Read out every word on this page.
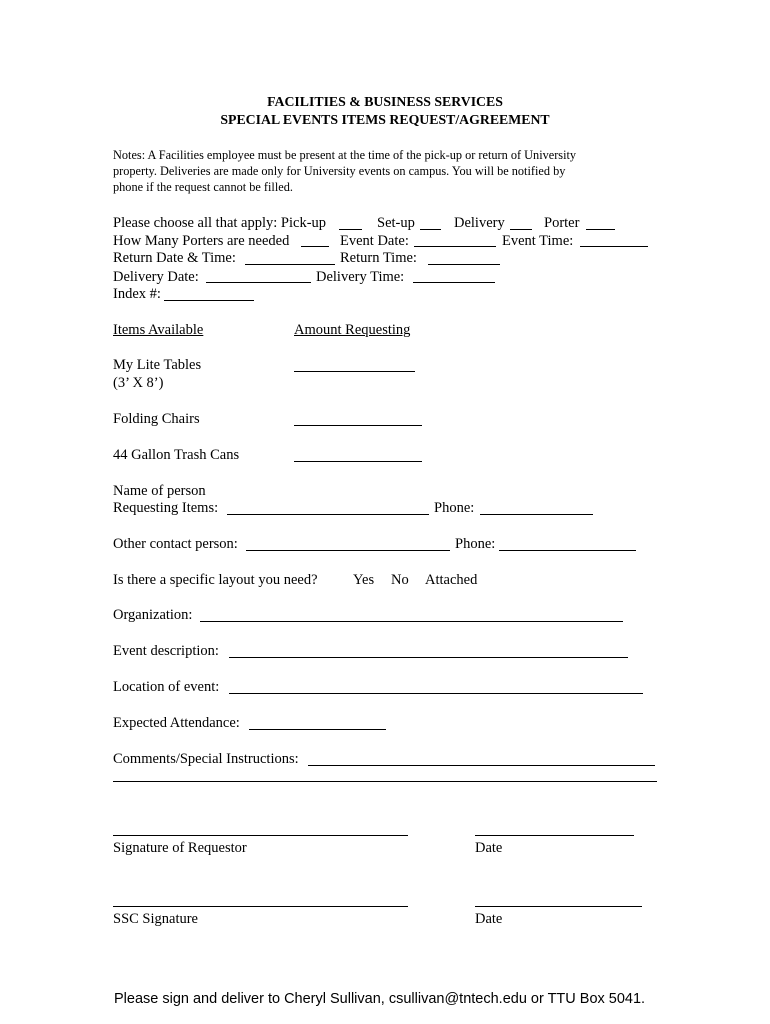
FACILITIES & BUSINESS SERVICES
SPECIAL EVENTS ITEMS REQUEST/AGREEMENT
Notes: A Facilities employee must be present at the time of the pick-up or return of University
property. Deliveries are made only for University events on campus. You will be notified by
phone if the request cannot be filled.
Please choose all that apply: Pick-up	Set-up	Delivery	Porter
How Many Porters are needed	Event Date:	Event Time:
Return Date & Time:	Return Time:
Delivery Date:	Delivery Time:
Index #:
Items Available	Amount Requesting
My Lite Tables
(3’ X 8’)
Folding Chairs
44 Gallon Trash Cans
Name of person
Requesting Items:	Phone:
Other contact person:	Phone:
Is there a specific layout you need? Yes No Attached
Organization:
Event description:
Location of event:
Expected Attendance:
Comments/Special Instructions:
Signature of Requestor	Date
SSC Signature	Date
Please sign and deliver to Cheryl Sullivan, csullivan@tntech.edu or TTU Box 5041.
